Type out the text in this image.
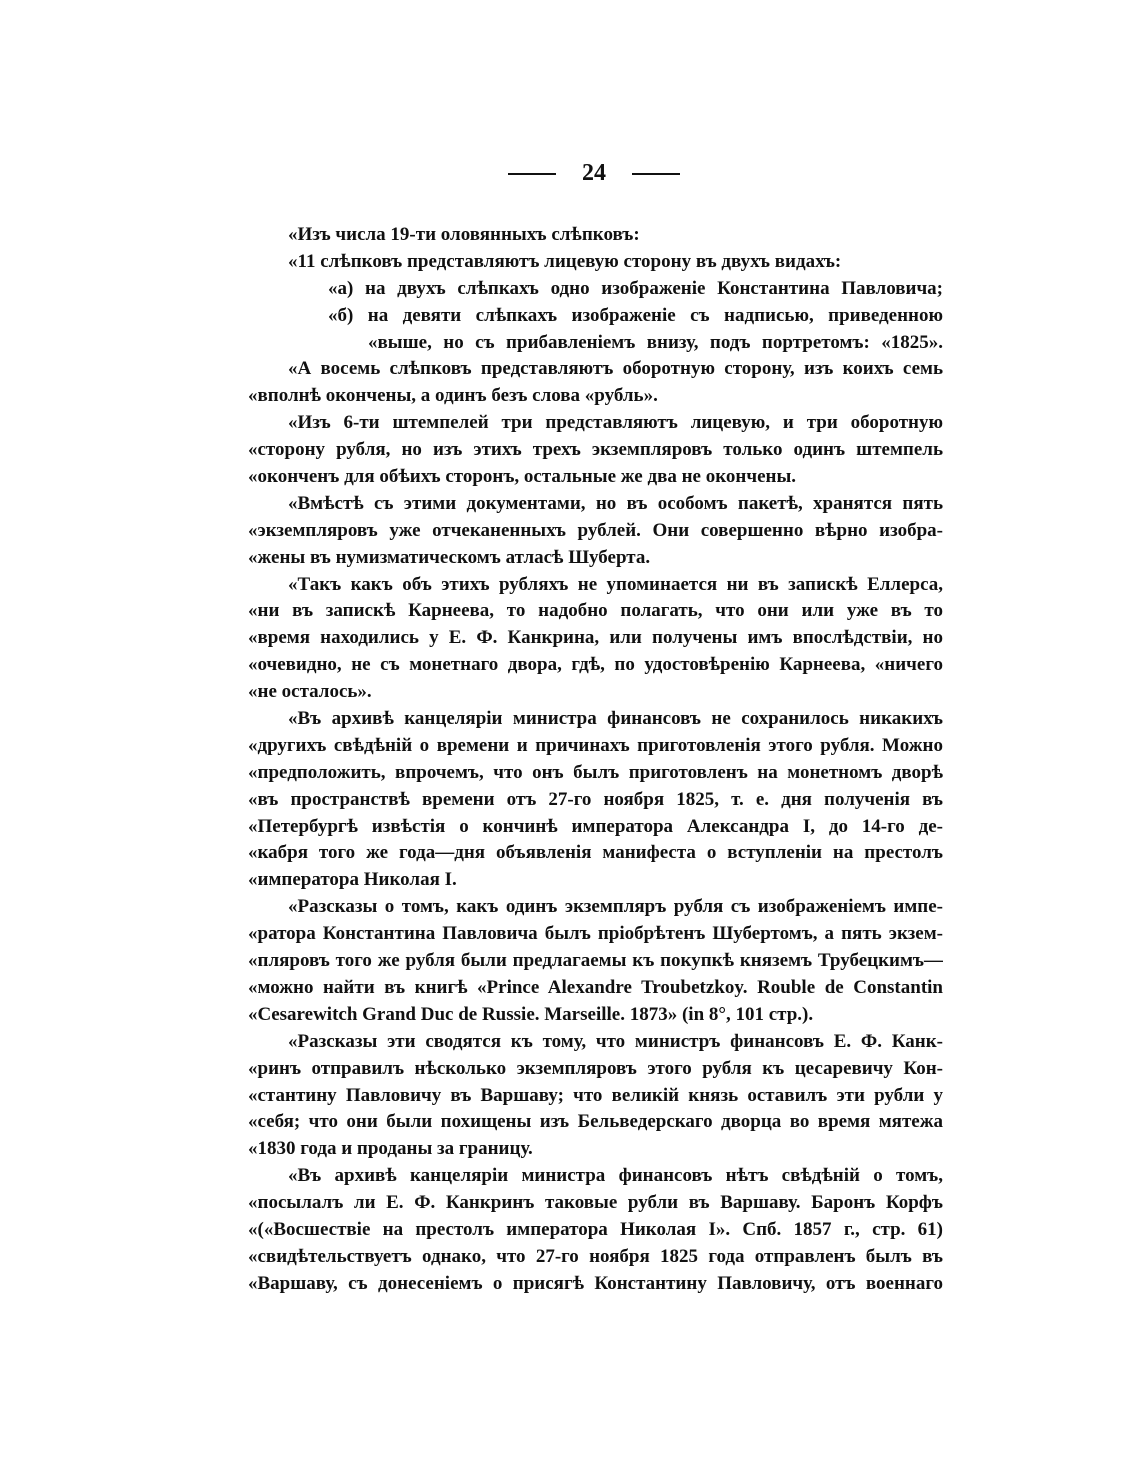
24
«Изъ числа 19-ти оловянныхъ слѣпковъ:
«11 слѣпковъ представляютъ лицевую сторону въ двухъ видахъ:
«а) на двухъ слѣпкахъ одно изображеніе Константина Павловича;
«б) на девяти слѣпкахъ изображеніе съ надписью, приведенною
«выше, но съ прибавленіемъ внизу, подъ портретомъ: «1825».
«А восемь слѣпковъ представляютъ оборотную сторону, изъ коихъ семь
«вполнѣ окончены, а одинъ безъ слова «рубль».
«Изъ 6-ти штемпелей три представляютъ лицевую, и три оборотную
«сторону рубля, но изъ этихъ трехъ экземпляровъ только одинъ штемпель
«оконченъ для обѣихъ сторонъ, остальные же два не окончены.
«Вмѣстѣ съ этими документами, но въ особомъ пакетѣ, хранятся пять
«экземпляровъ уже отчеканенныхъ рублей. Они совершенно вѣрно изобра-
«жены въ нумизматическомъ атласѣ Шуберта.
«Такъ какъ объ этихъ рубляхъ не упоминается ни въ запискѣ Еллерса,
«ни въ запискѣ Карнеева, то надобно полагать, что они или уже въ то
«время находились у Е. Ф. Канкрина, или получены имъ впослѣдствіи, но
«очевидно, не съ монетнаго двора, гдѣ, по удостовѣренію Карнеева, «ничего
«не осталось».
«Въ архивѣ канцеляріи министра финансовъ не сохранилось никакихъ
«другихъ свѣдѣній о времени и причинахъ приготовленія этого рубля. Можно
«предположить, впрочемъ, что онъ былъ приготовленъ на монетномъ дворѣ
«въ пространствѣ времени отъ 27-го ноября 1825, т. е. дня полученія въ
«Петербургѣ извѣстія о кончинѣ императора Александра I, до 14-го де-
«кабря того же года—дня объявленія манифеста о вступленіи на престолъ
«императора Николая I.
«Разсказы о томъ, какъ одинъ экземпляръ рубля съ изображеніемъ импе-
«ратора Константина Павловича былъ пріобрѣтенъ Шубертомъ, а пять экзем-
«пляровъ того же рубля были предлагаемы къ покупкѣ княземъ Трубецкимъ—
«можно найти въ книгѣ «Prince Alexandre Troubetzkoy. Rouble de Constantin
«Cesarewitch Grand Duc de Russie. Marseille. 1873» (in 8°, 101 стр.).
«Разсказы эти сводятся къ тому, что министръ финансовъ Е. Ф. Канк-
«ринъ отправилъ нѣсколько экземпляровъ этого рубля къ цесаревичу Кон-
«стантину Павловичу въ Варшаву; что великій князь оставилъ эти рубли у
«себя; что они были похищены изъ Бельведерскаго дворца во время мятежа
«1830 года и проданы за границу.
«Въ архивѣ канцеляріи министра финансовъ нѣтъ свѣдѣній о томъ,
«посылалъ ли Е. Ф. Канкринъ таковые рубли въ Варшаву. Баронъ Корфъ
«(«Восшествіе на престолъ императора Николая I». Спб. 1857 г., стр. 61)
«свидѣтельствуетъ однако, что 27-го ноября 1825 года отправленъ былъ въ
«Варшаву, съ донесеніемъ о присягѣ Константину Павловичу, отъ военнаго
